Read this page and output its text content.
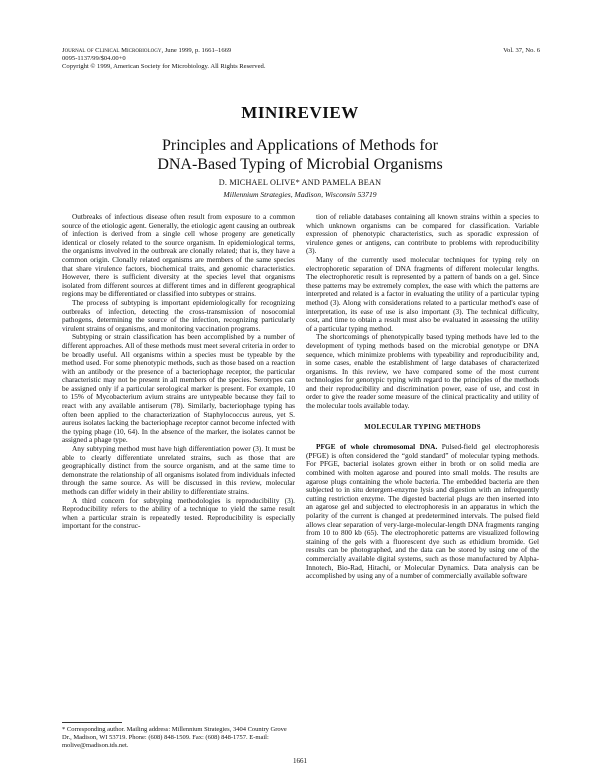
Journal of Clinical Microbiology, June 1999, p. 1661–1669
0095-1137/99/$04.00+0
Copyright © 1999, American Society for Microbiology. All Rights Reserved.
Vol. 37, No. 6
MINIREVIEW
Principles and Applications of Methods for
DNA-Based Typing of Microbial Organisms
D. MICHAEL OLIVE* AND PAMELA BEAN
Millennium Strategies, Madison, Wisconsin 53719

Outbreaks of infectious disease often result from exposure to a common source of the etiologic agent. Generally, the etiologic agent causing an outbreak of infection is derived from a single cell whose progeny are genetically identical or closely related to the source organism. In epidemiological terms, the organisms involved in the outbreak are clonally related; that is, they have a common origin. Clonally related organisms are members of the same species that share virulence factors, biochemical traits, and genomic characteristics. However, there is sufficient diversity at the species level that organisms isolated from different sources at different times and in different geographical regions may be differentiated or classified into subtypes or strains.

The process of subtyping is important epidemiologically for recognizing outbreaks of infection, detecting the cross-transmission of nosocomial pathogens, determining the source of the infection, recognizing particularly virulent strains of organisms, and monitoring vaccination programs.

Subtyping or strain classification has been accomplished by a number of different approaches. All of these methods must meet several criteria in order to be broadly useful. All organisms within a species must be typeable by the method used. For some phenotypic methods, such as those based on a reaction with an antibody or the presence of a bacteriophage receptor, the particular characteristic may not be present in all members of the species. Serotypes can be assigned only if a particular serological marker is present. For example, 10 to 15% of Mycobacterium avium strains are untypeable because they fail to react with any available antiserum (78). Similarly, bacteriophage typing has often been applied to the characterization of Staphylococcus aureus, yet S. aureus isolates lacking the bacteriophage receptor cannot become infected with the typing phage (10, 64). In the absence of the marker, the isolates cannot be assigned a phage type.

Any subtyping method must have high differentiation power (3). It must be able to clearly differentiate unrelated strains, such as those that are geographically distinct from the source organism, and at the same time to demonstrate the relationship of all organisms isolated from individuals infected through the same source. As will be discussed in this review, molecular methods can differ widely in their ability to differentiate strains.

A third concern for subtyping methodologies is reproducibility (3). Reproducibility refers to the ability of a technique to yield the same result when a particular strain is repeatedly tested. Reproducibility is especially important for the construc-

tion of reliable databases containing all known strains within a species to which unknown organisms can be compared for classification. Variable expression of phenotypic characteristics, such as sporadic expression of virulence genes or antigens, can contribute to problems with reproducibility (3).

Many of the currently used molecular techniques for typing rely on electrophoretic separation of DNA fragments of different molecular lengths. The electrophoretic result is represented by a pattern of bands on a gel. Since these patterns may be extremely complex, the ease with which the patterns are interpreted and related is a factor in evaluating the utility of a particular typing method (3). Along with considerations related to a particular method's ease of interpretation, its ease of use is also important (3). The technical difficulty, cost, and time to obtain a result must also be evaluated in assessing the utility of a particular typing method.

The shortcomings of phenotypically based typing methods have led to the development of typing methods based on the microbial genotype or DNA sequence, which minimize problems with typeability and reproducibility and, in some cases, enable the establishment of large databases of characterized organisms. In this review, we have compared some of the most current technologies for genotypic typing with regard to the principles of the methods and their reproducibility and discrimination power, ease of use, and cost in order to give the reader some measure of the clinical practicality and utility of the molecular tools available today.

MOLECULAR TYPING METHODS

PFGE of whole chromosomal DNA. Pulsed-field gel electrophoresis (PFGE) is often considered the “gold standard” of molecular typing methods. For PFGE, bacterial isolates grown either in broth or on solid media are combined with molten agarose and poured into small molds. The results are agarose plugs containing the whole bacteria. The embedded bacteria are then subjected to in situ detergent-enzyme lysis and digestion with an infrequently cutting restriction enzyme. The digested bacterial plugs are then inserted into an agarose gel and subjected to electrophoresis in an apparatus in which the polarity of the current is changed at predetermined intervals. The pulsed field allows clear separation of very-large-molecular-length DNA fragments ranging from 10 to 800 kb (65). The electrophoretic patterns are visualized following staining of the gels with a fluorescent dye such as ethidium bromide. Gel results can be photographed, and the data can be stored by using one of the commercially available digital systems, such as those manufactured by Alpha-Innotech, Bio-Rad, Hitachi, or Molecular Dynamics. Data analysis can be accomplished by using any of a number of commercially available software

* Corresponding author. Mailing address: Millennium Strategies, 3404 Country Grove Dr., Madison, WI 53719. Phone: (608) 848-1509. Fax: (608) 848-1757. E-mail: molive@madison.tds.net.
1661
